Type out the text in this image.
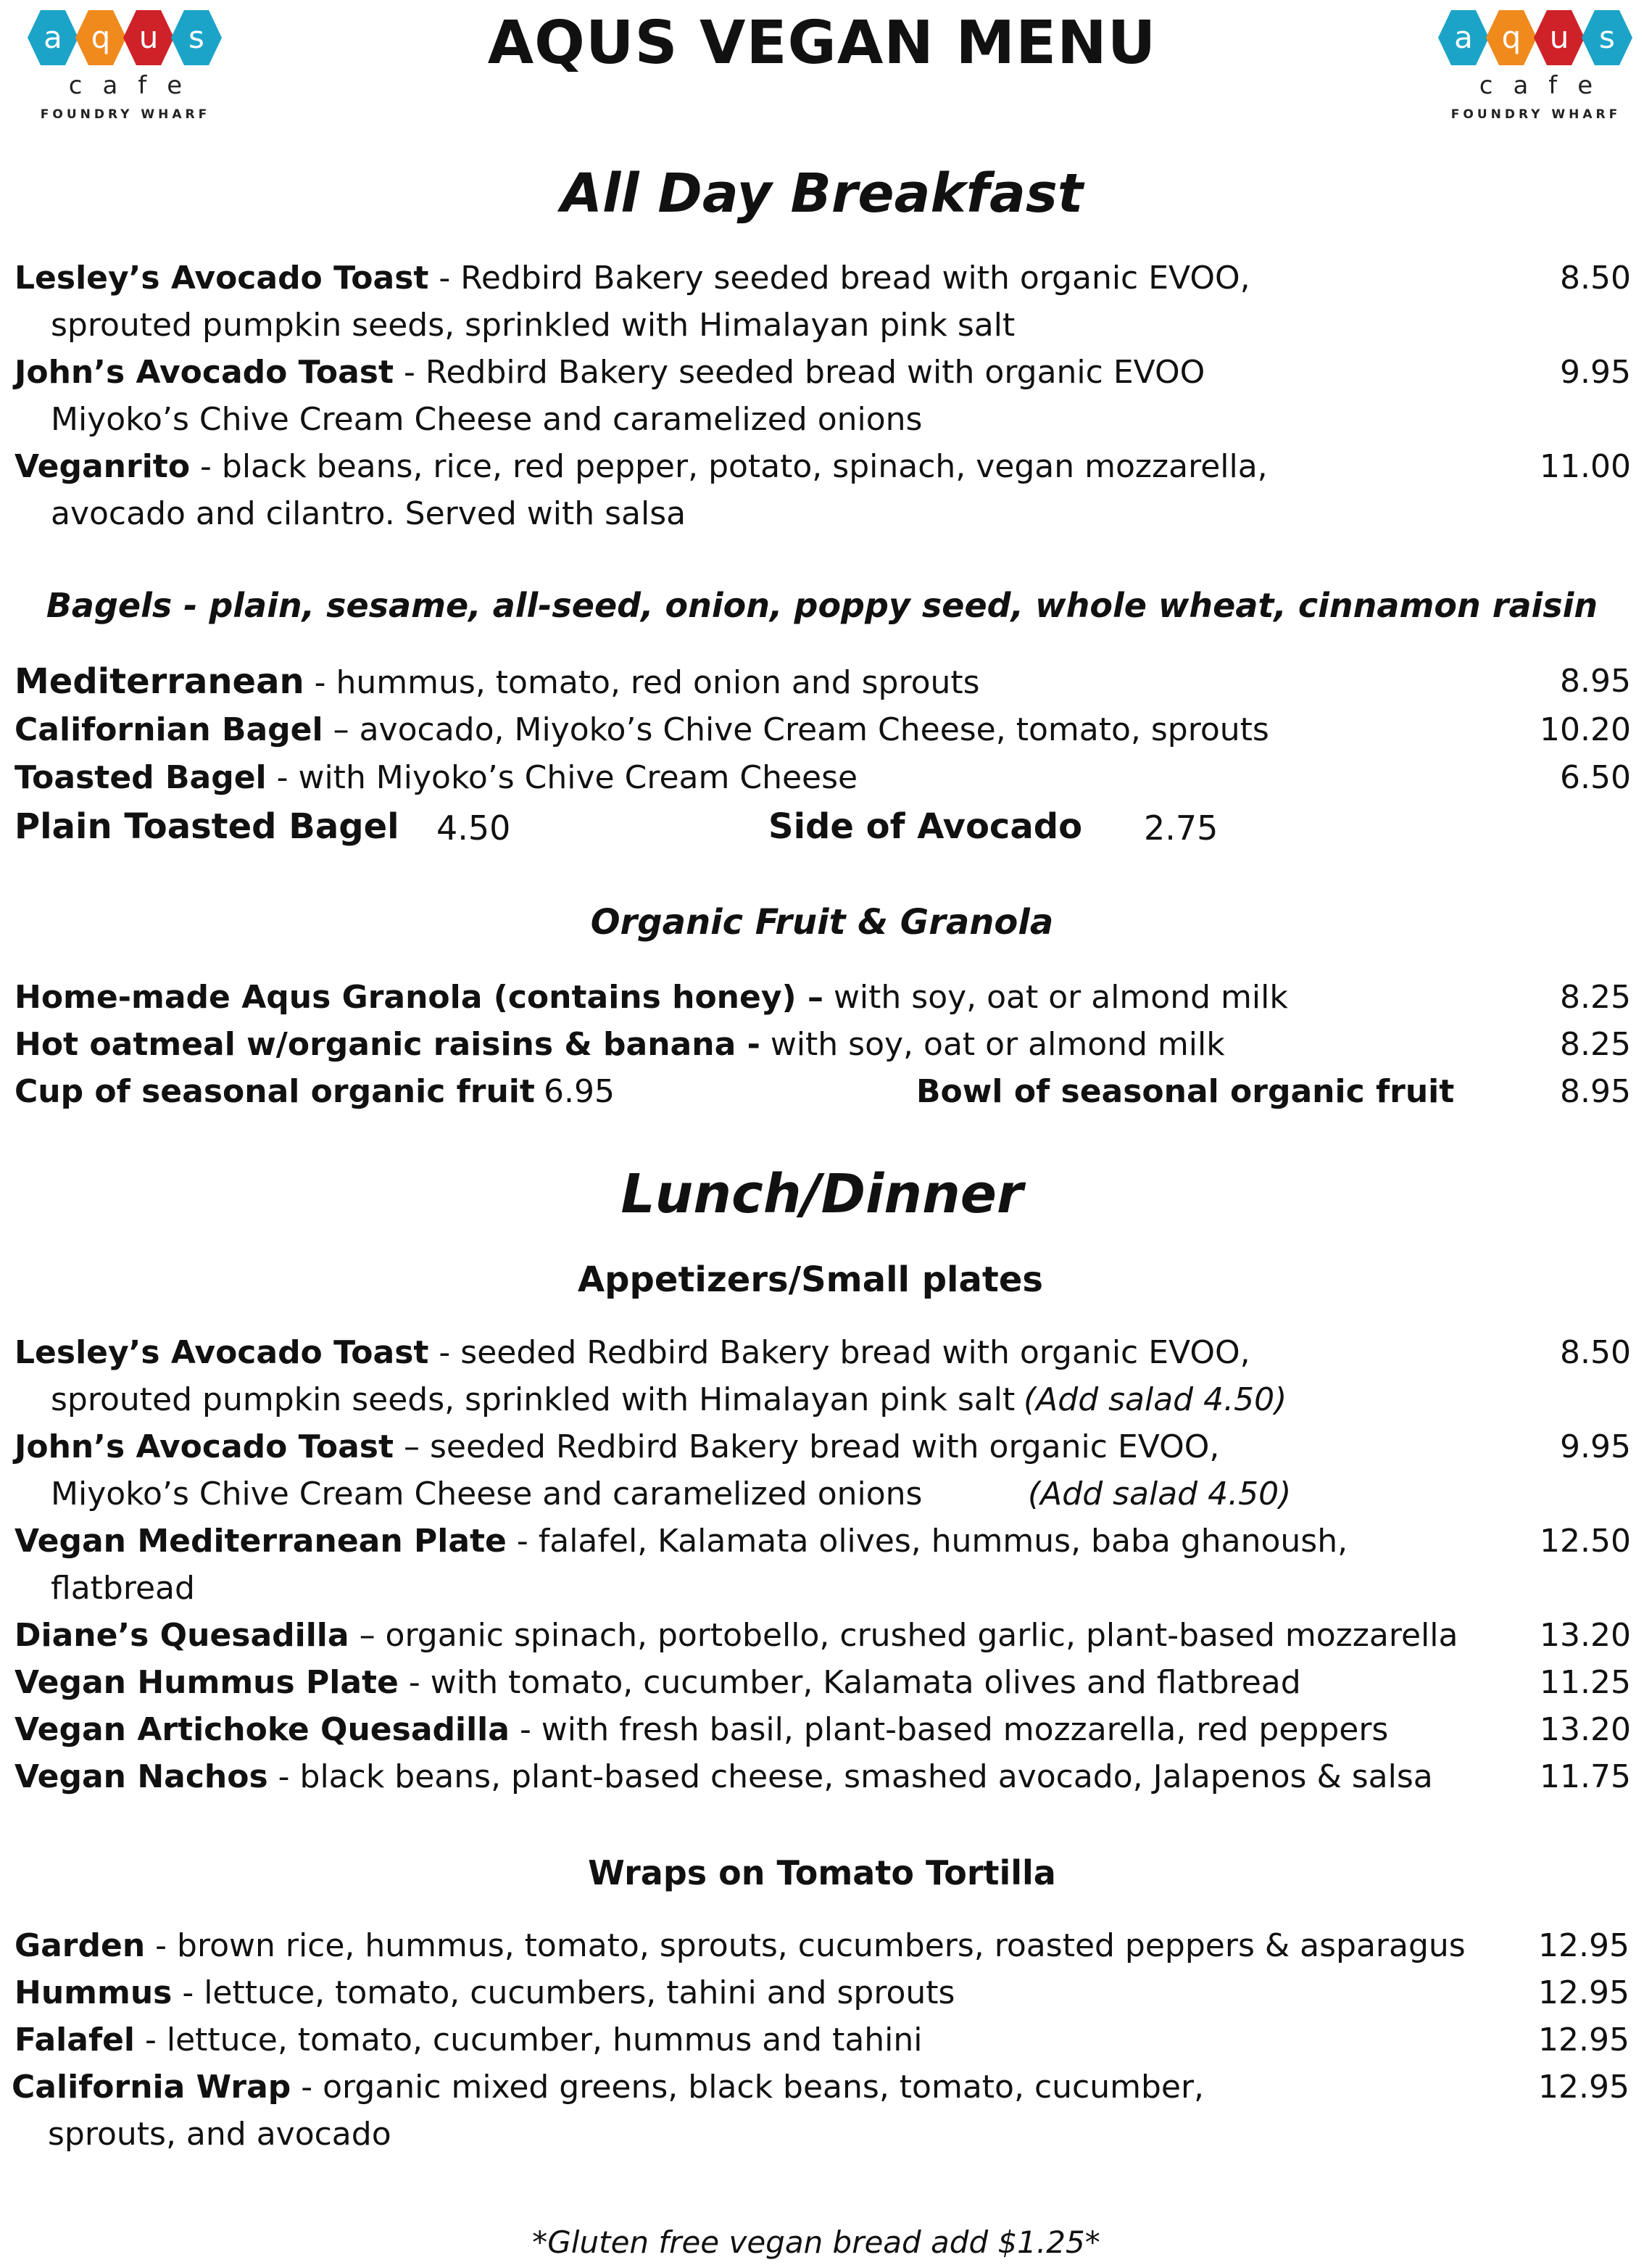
a q u s
cafe
FOUNDRY WHARF
a q u s
cafe
FOUNDRY WHARF
AQUS VEGAN MENU
All Day Breakfast
Lesley’s Avocado Toast - Redbird Bakery seeded bread with organic EVOO,	8.50
sprouted pumpkin seeds, sprinkled with Himalayan pink salt
John’s Avocado Toast - Redbird Bakery seeded bread with organic EVOO	9.95
Miyoko’s Chive Cream Cheese and caramelized onions
Veganrito - black beans, rice, red pepper, potato, spinach, vegan mozzarella,	11.00
avocado and cilantro. Served with salsa
Bagels - plain, sesame, all-seed, onion, poppy seed, whole wheat, cinnamon raisin
Mediterranean - hummus, tomato, red onion and sprouts	8.95
Californian Bagel – avocado, Miyoko’s Chive Cream Cheese, tomato, sprouts	10.20
Toasted Bagel - with Miyoko’s Chive Cream Cheese	6.50
Plain Toasted Bagel 4.50	Side of Avocado 2.75
Organic Fruit & Granola
Home-made Aqus Granola (contains honey) – with soy, oat or almond milk	8.25
Hot oatmeal w/organic raisins & banana - with soy, oat or almond milk	8.25
Cup of seasonal organic fruit 6.95	Bowl of seasonal organic fruit	8.95
Lunch/Dinner
Appetizers/Small plates
Lesley’s Avocado Toast - seeded Redbird Bakery bread with organic EVOO,	8.50
sprouted pumpkin seeds, sprinkled with Himalayan pink salt (Add salad 4.50)
John’s Avocado Toast – seeded Redbird Bakery bread with organic EVOO,	9.95
Miyoko’s Chive Cream Cheese and caramelized onions	(Add salad 4.50)
Vegan Mediterranean Plate - falafel, Kalamata olives, hummus, baba ghanoush,	12.50
flatbread
Diane’s Quesadilla – organic spinach, portobello, crushed garlic, plant-based mozzarella	13.20
Vegan Hummus Plate - with tomato, cucumber, Kalamata olives and flatbread	11.25
Vegan Artichoke Quesadilla - with fresh basil, plant-based mozzarella, red peppers	13.20
Vegan Nachos - black beans, plant-based cheese, smashed avocado, Jalapenos & salsa	11.75
Wraps on Tomato Tortilla
Garden - brown rice, hummus, tomato, sprouts, cucumbers, roasted peppers & asparagus 12.95
Hummus - lettuce, tomato, cucumbers, tahini and sprouts	12.95
Falafel - lettuce, tomato, cucumber, hummus and tahini	12.95
California Wrap - organic mixed greens, black beans, tomato, cucumber,	12.95
sprouts, and avocado
*Gluten free vegan bread add $1.25*
